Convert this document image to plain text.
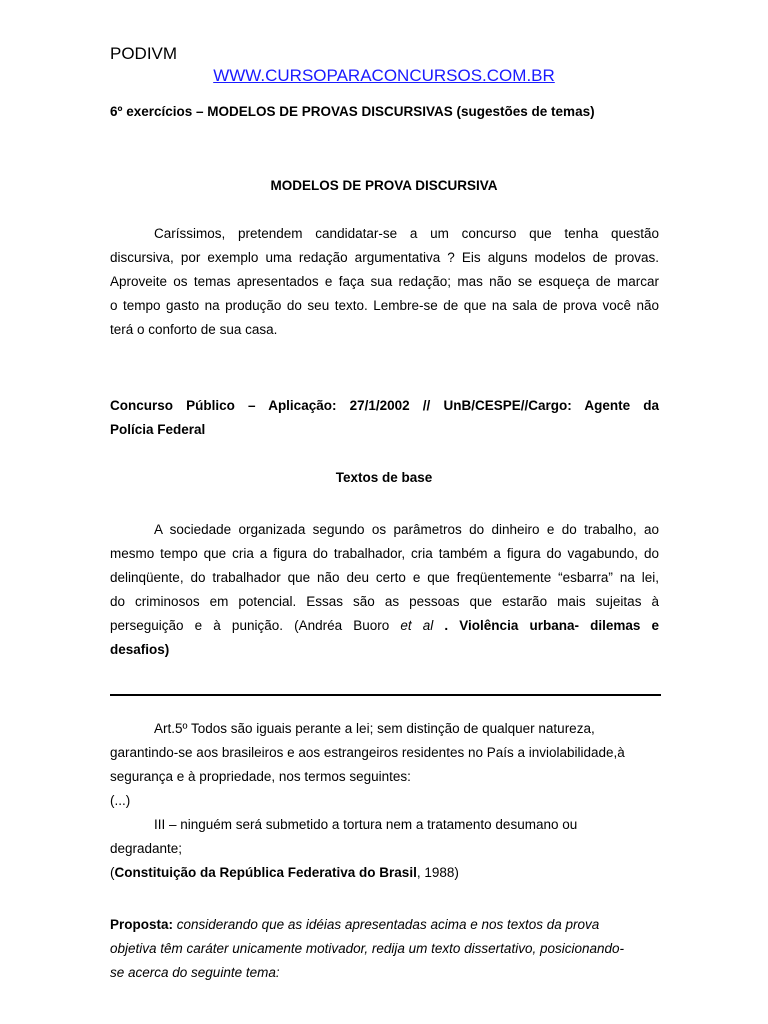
PODIVM
WWW.CURSOPARACONCURSOS.COM.BR
6º exercícios – MODELOS DE PROVAS DISCURSIVAS (sugestões de temas)
MODELOS DE PROVA DISCURSIVA
Caríssimos, pretendem candidatar-se a um concurso que tenha questão
discursiva, por exemplo uma redação argumentativa ? Eis alguns modelos de provas.
Aproveite os temas apresentados e faça sua redação; mas não se esqueça de marcar
o tempo gasto na produção do seu texto. Lembre-se de que na sala de prova você não
terá o conforto de sua casa.
Concurso Público – Aplicação: 27/1/2002 // UnB/CESPE//Cargo: Agente da
Polícia Federal
Textos de base
A sociedade organizada segundo os parâmetros do dinheiro e do trabalho, ao
mesmo tempo que cria a figura do trabalhador, cria também a figura do vagabundo, do
delinqüente, do trabalhador que não deu certo e que freqüentemente “esbarra” na lei,
do criminosos em potencial. Essas são as pessoas que estarão mais sujeitas à
perseguição e à punição. (Andréa Buoro et al . Violência urbana- dilemas e
desafios)
Art.5º Todos são iguais perante a lei; sem distinção de qualquer natureza,
garantindo-se aos brasileiros e aos estrangeiros residentes no País a inviolabilidade,à
segurança e à propriedade, nos termos seguintes:
(...)
III – ninguém será submetido a tortura nem a tratamento desumano ou
degradante;
(Constituição da República Federativa do Brasil, 1988)
Proposta: considerando que as idéias apresentadas acima e nos textos da prova
objetiva têm caráter unicamente motivador, redija um texto dissertativo, posicionando-
se acerca do seguinte tema:
